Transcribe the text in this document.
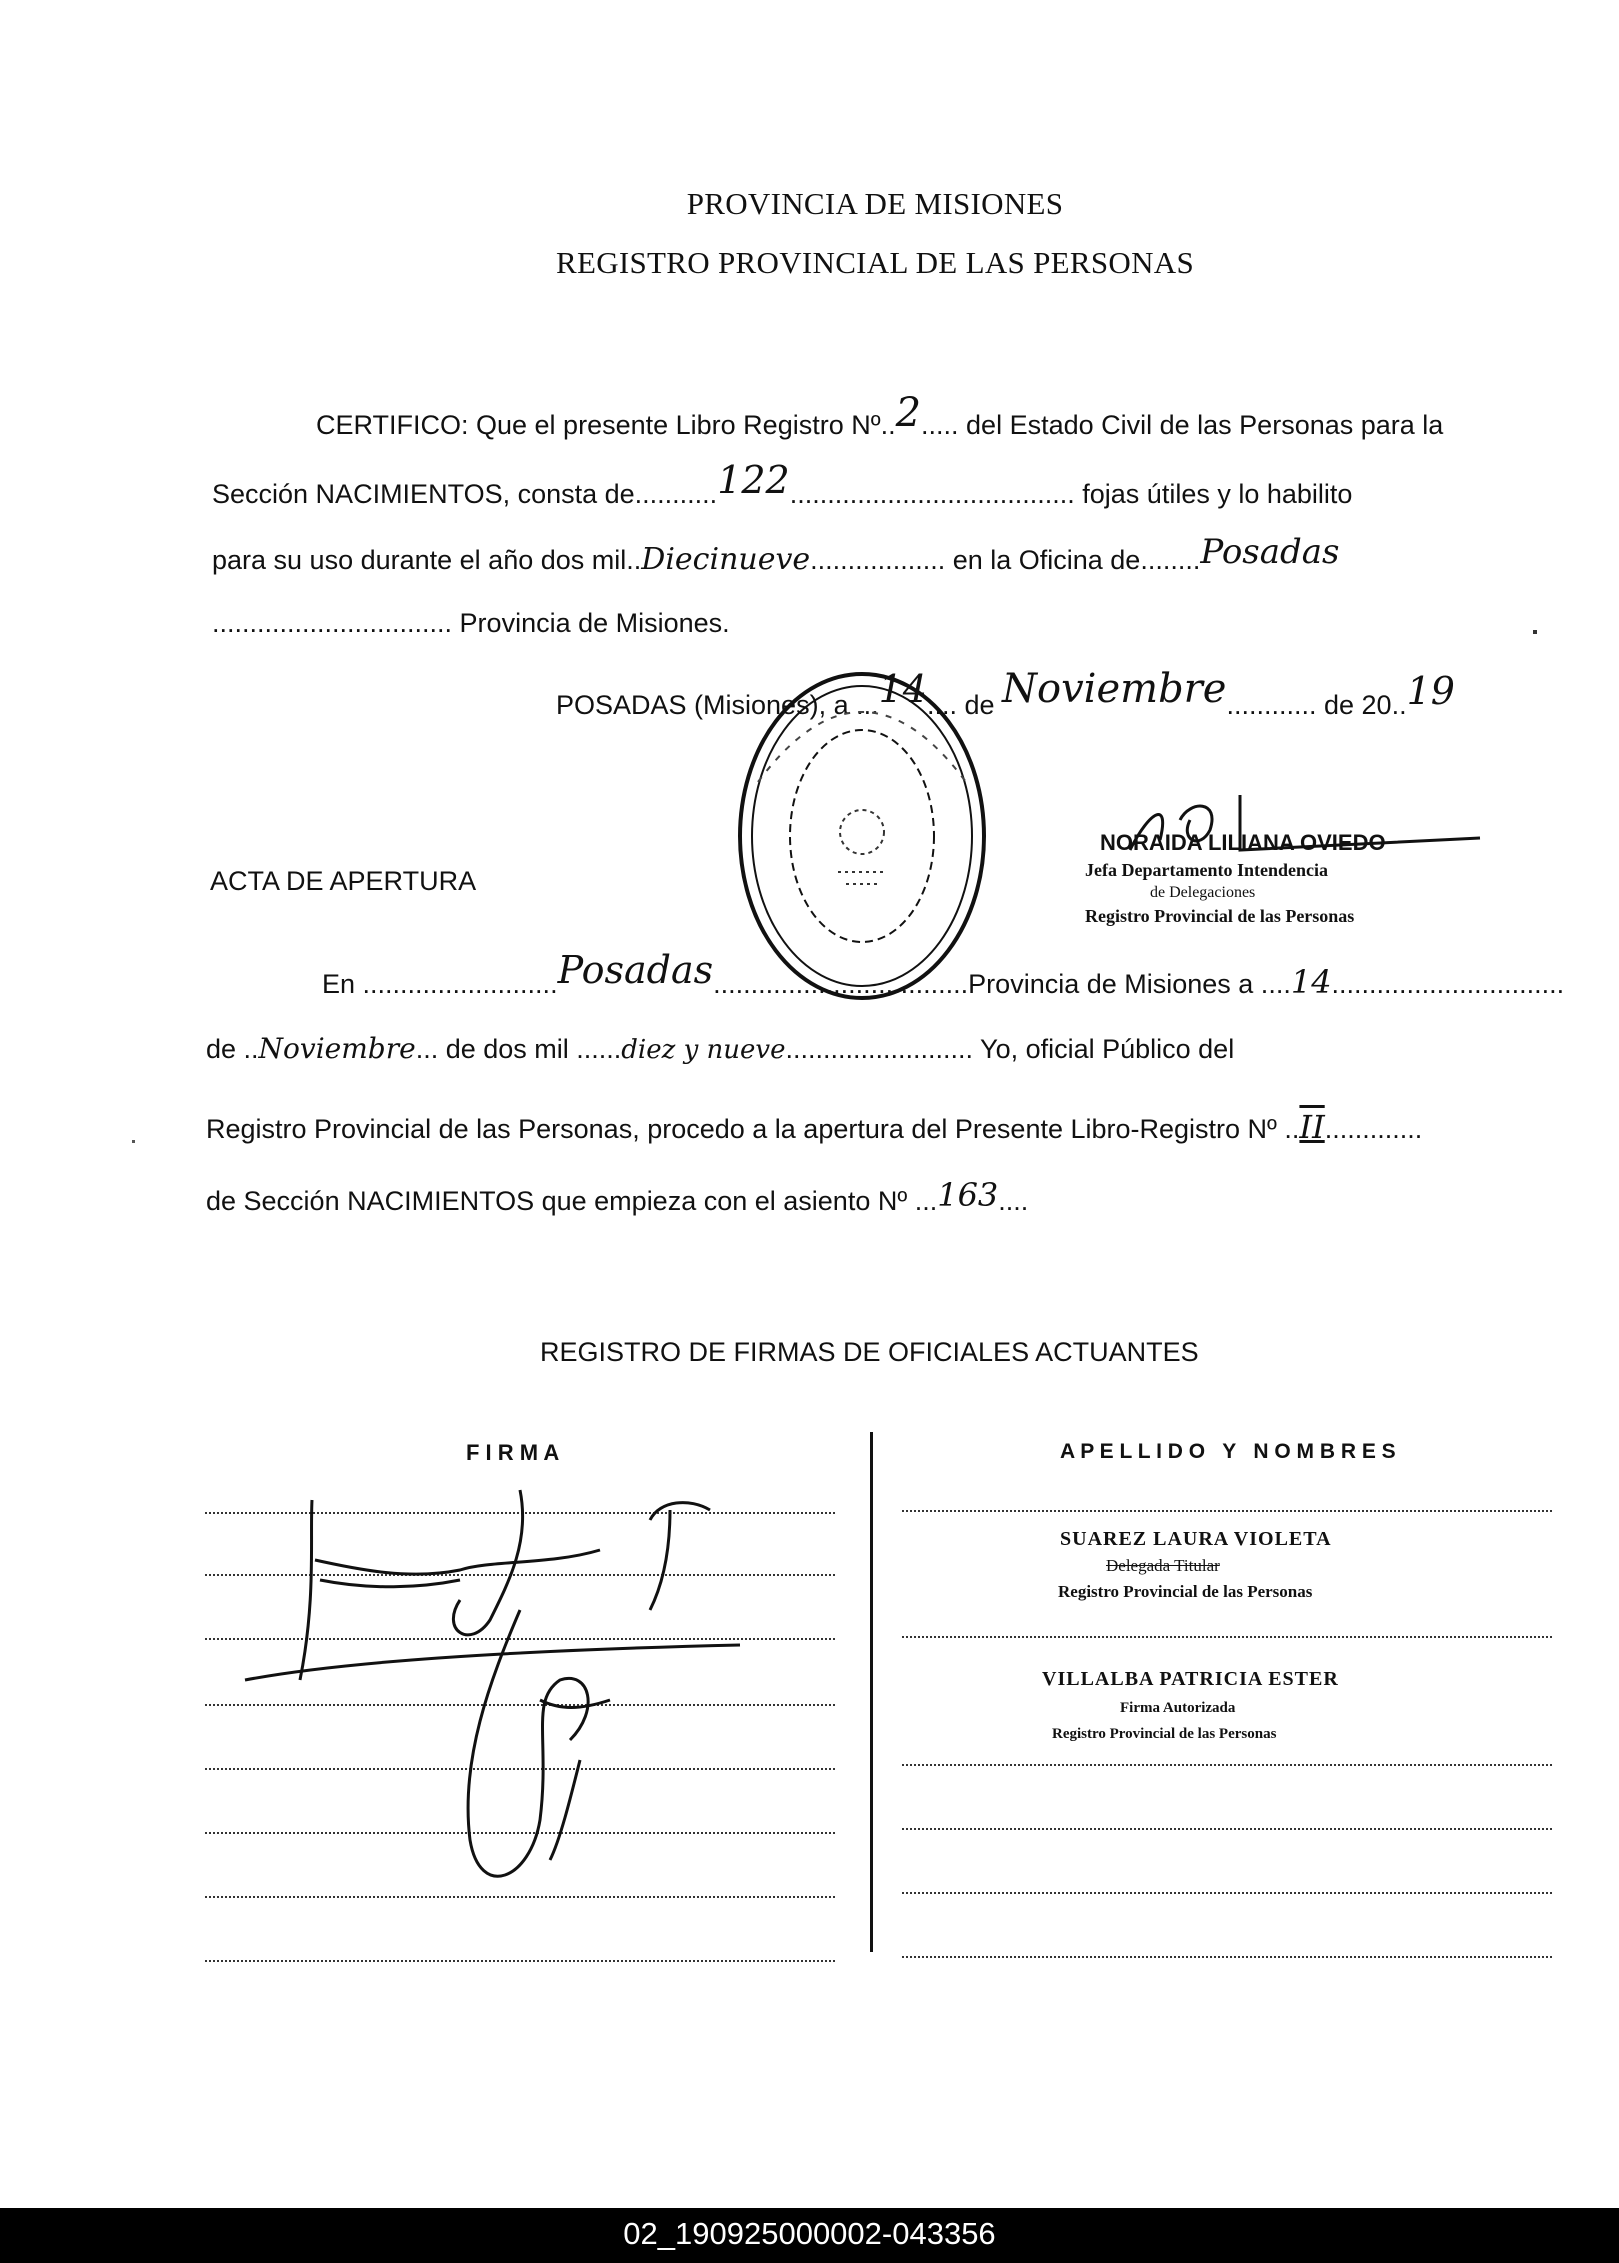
PROVINCIA DE MISIONES
REGISTRO PROVINCIAL DE LAS PERSONAS
CERTIFICO: Que el presente Libro Registro Nº..2..... del Estado Civil de las Personas para la
Sección NACIMIENTOS, consta de...........122...................................... fojas útiles y lo habilito
para su uso durante el año dos mil..Diecinueve.................. en la Oficina de........Posadas
................................ Provincia de Misiones.
POSADAS (Misiones), a ...14.... de Noviembre............ de 20..19
NORAIDA LILIANA OVIEDO
Jefa Departamento Intendencia
de Delegaciones
Registro Provincial de las Personas
ACTA DE APERTURA
En ..........................Posadas..................................Provincia de Misiones a ....14...............................
de ..Noviembre... de dos mil ......diez y nueve......................... Yo, oficial Público del
Registro Provincial de las Personas, procedo a la apertura del Presente Libro-Registro Nº ..II.............
de Sección NACIMIENTOS que empieza con el asiento Nº ...163....
REGISTRO DE FIRMAS DE OFICIALES ACTUANTES
F I R M A	A P E L L I D O   Y   N O M B R E S
SUAREZ LAURA VIOLETA
Delegada Titular
Registro Provincial de las Personas
VILLALBA PATRICIA ESTER
Firma Autorizada
Registro Provincial de las Personas
02_190925000002-043356
